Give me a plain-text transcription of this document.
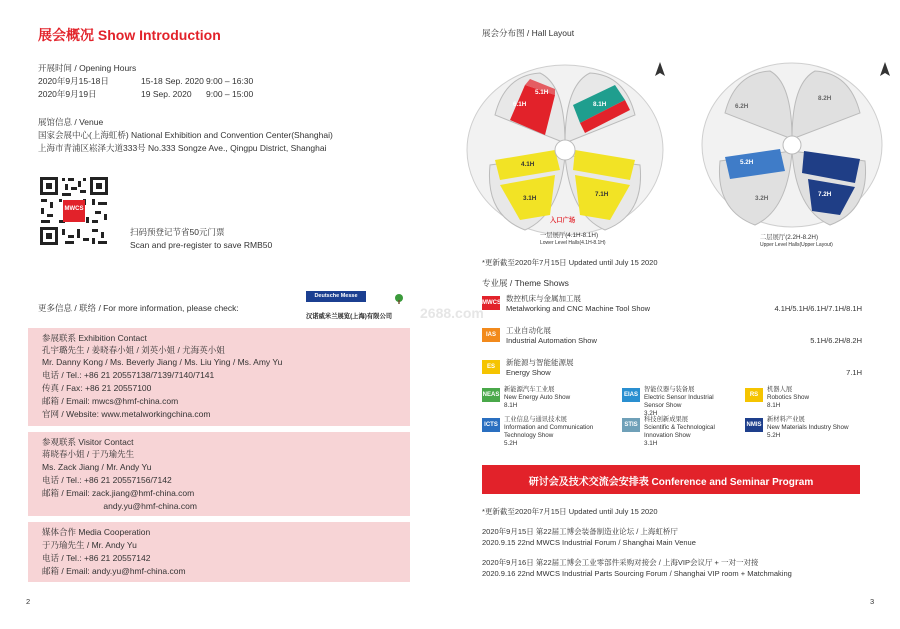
展会概况 Show Introduction
开展时间 / Opening Hours
2020年9月15-18日	15-18 Sep. 2020 9:00 – 16:30
2020年9月19日	19 Sep. 2020 9:00 – 15:00
展馆信息 / Venue
国家会展中心(上海虹桥) National Exhibition and Convention Center(Shanghai)
上海市青浦区崧泽大道333号 No.333 Songze Ave., Qingpu District, Shanghai
MWCS
扫码预登记节省50元门票
Scan and pre-register to save RMB50
更多信息 / 联络 / For more information, please check:
Deutsche Messe
汉诺威米兰展览(上海)有限公司
参展联系 Exhibition Contact
孔宇璐先生 / 姜晓春小姐 / 刘英小姐 / 尤海英小姐
Mr. Danny Kong / Ms. Beverly Jiang / Ms. Liu Ying / Ms. Amy Yu
电话 / Tel.: +86 21 20557138/7139/7140/7141
传真 / Fax: +86 21 20557100
邮箱 / Email: mwcs@hmf-china.com
官网 / Website: www.metalworkingchina.com
参观联系 Visitor Contact
蒋晓春小姐 / 于乃瑜先生
Ms. Zack Jiang / Mr. Andy Yu
电话 / Tel.: +86 21 20557156/7142
邮箱 / Email: zack.jiang@hmf-china.com
andy.yu@hmf-china.com
媒体合作 Media Cooperation
于乃瑜先生 / Mr. Andy Yu
电话 / Tel.: +86 21 20557142
邮箱 / Email: andy.yu@hmf-china.com
2
展会分布图 / Hall Layout
6.1H
5.1H
8.1H
4.1H
7.1H
3.1H
入口广场
一层展厅(4.1H-8.1H)
Lower Level Halls(4.1H-8.1H)
6.2H
5.2H
8.2H
7.2H
3.2H
二层展厅(2.2H-8.2H)
Upper Level Halls(Upper Layout)
*更新截至2020年7月15日 Updated until July 15 2020
专业展 / Theme Shows
MWCS 数控机床与金属加工展
Metalworking and CNC Machine Tool Show	4.1H/5.1H/6.1H/7.1H/8.1H
IAS	工业自动化展
Industrial Automation Show	5.1H/6.2H/8.2H
ES	新能源与智能能源展
Energy Show	7.1H
NEAS
新能源汽车工业展
New Energy Auto Show
8.1H
EIAS
智能仪器与装备展
Electric Sensor Industrial Sensor Show
3.2H
RS
机器人展
Robotics Show
8.1H
ICTS
工业信息与通讯技术展
Information and Communication Technology Show
5.2H
STIS
科技创新成果展
Scientific & Technological Innovation Show
3.1H
NMIS
新材料产业展
New Materials Industry Show
5.2H
研讨会及技术交流会安排表 Conference and Seminar Program
*更新截至2020年7月15日 Updated until July 15 2020
2020年9月15日 第22届工博会装备制造业论坛 / 上海虹桥厅
2020.9.15 22nd MWCS Industrial Forum / Shanghai Main Venue
2020年9月16日 第22届工博会工业零部件采购对接会 / 上海VIP会议厅 + 一对一对接
2020.9.16 22nd MWCS Industrial Parts Sourcing Forum / Shanghai VIP room + Matchmaking
3
2688.com
